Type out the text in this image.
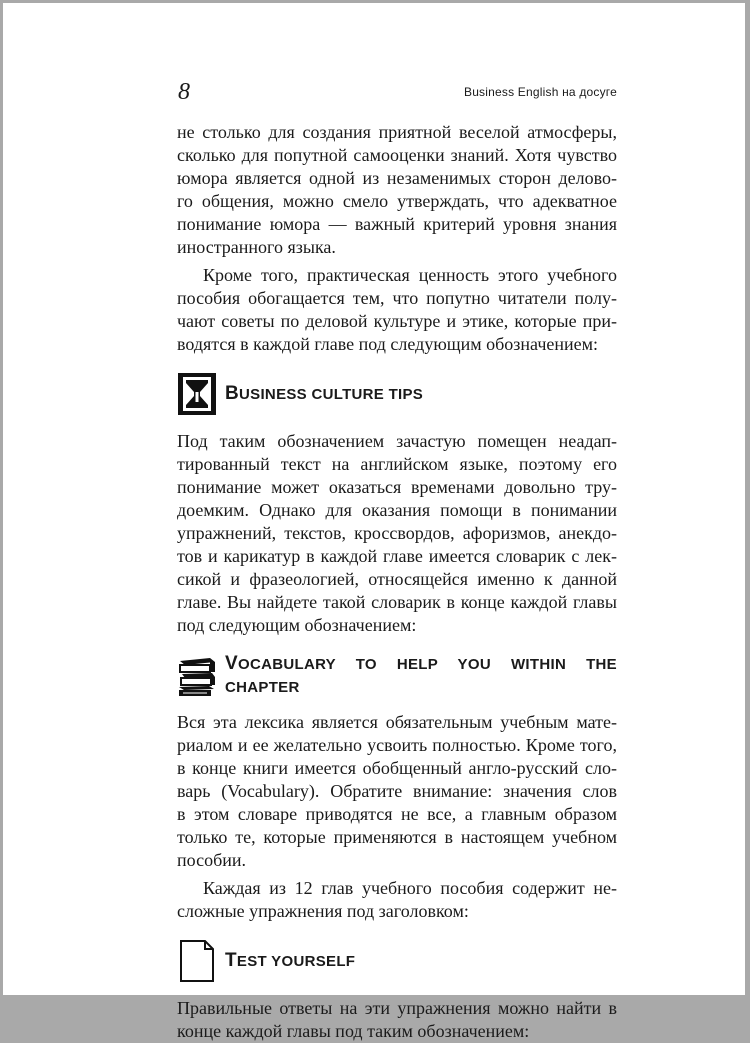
8	Business English на досуге

не столько для создания приятной веселой атмосферы,
сколько для попутной самооценки знаний. Хотя чувство
юмора является одной из незаменимых сторон делово-
го общения, можно смело утверждать, что адекватное
понимание юмора — важный критерий уровня знания
иностранного языка.

Кроме того, практическая ценность этого учебного
пособия обогащается тем, что попутно читатели полу-
чают советы по деловой культуре и этике, которые при-
водятся в каждой главе под следующим обозначением:

BUSINESS CULTURE TIPS

Под таким обозначением зачастую помещен неадап-
тированный текст на английском языке, поэтому его
понимание может оказаться временами довольно тру-
доемким. Однако для оказания помощи в понимании
упражнений, текстов, кроссвордов, афоризмов, анекдо-
тов и карикатур в каждой главе имеется словарик с лек-
сикой и фразеологией, относящейся именно к данной
главе. Вы найдете такой словарик в конце каждой главы
под следующим обозначением:

VOCABULARY TO HELP YOU WITHIN THE CHAPTER

Вся эта лексика является обязательным учебным мате-
риалом и ее желательно усвоить полностью. Кроме того,
в конце книги имеется обобщенный англо-русский сло-
варь (Vocabulary). Обратите внимание: значения слов
в этом словаре приводятся не все, а главным образом
только те, которые применяются в настоящем учебном
пособии.

Каждая из 12 глав учебного пособия содержит не-
сложные упражнения под заголовком:

TEST YOURSELF

Правильные ответы на эти упражнения можно найти в
конце каждой главы под таким обозначением:
